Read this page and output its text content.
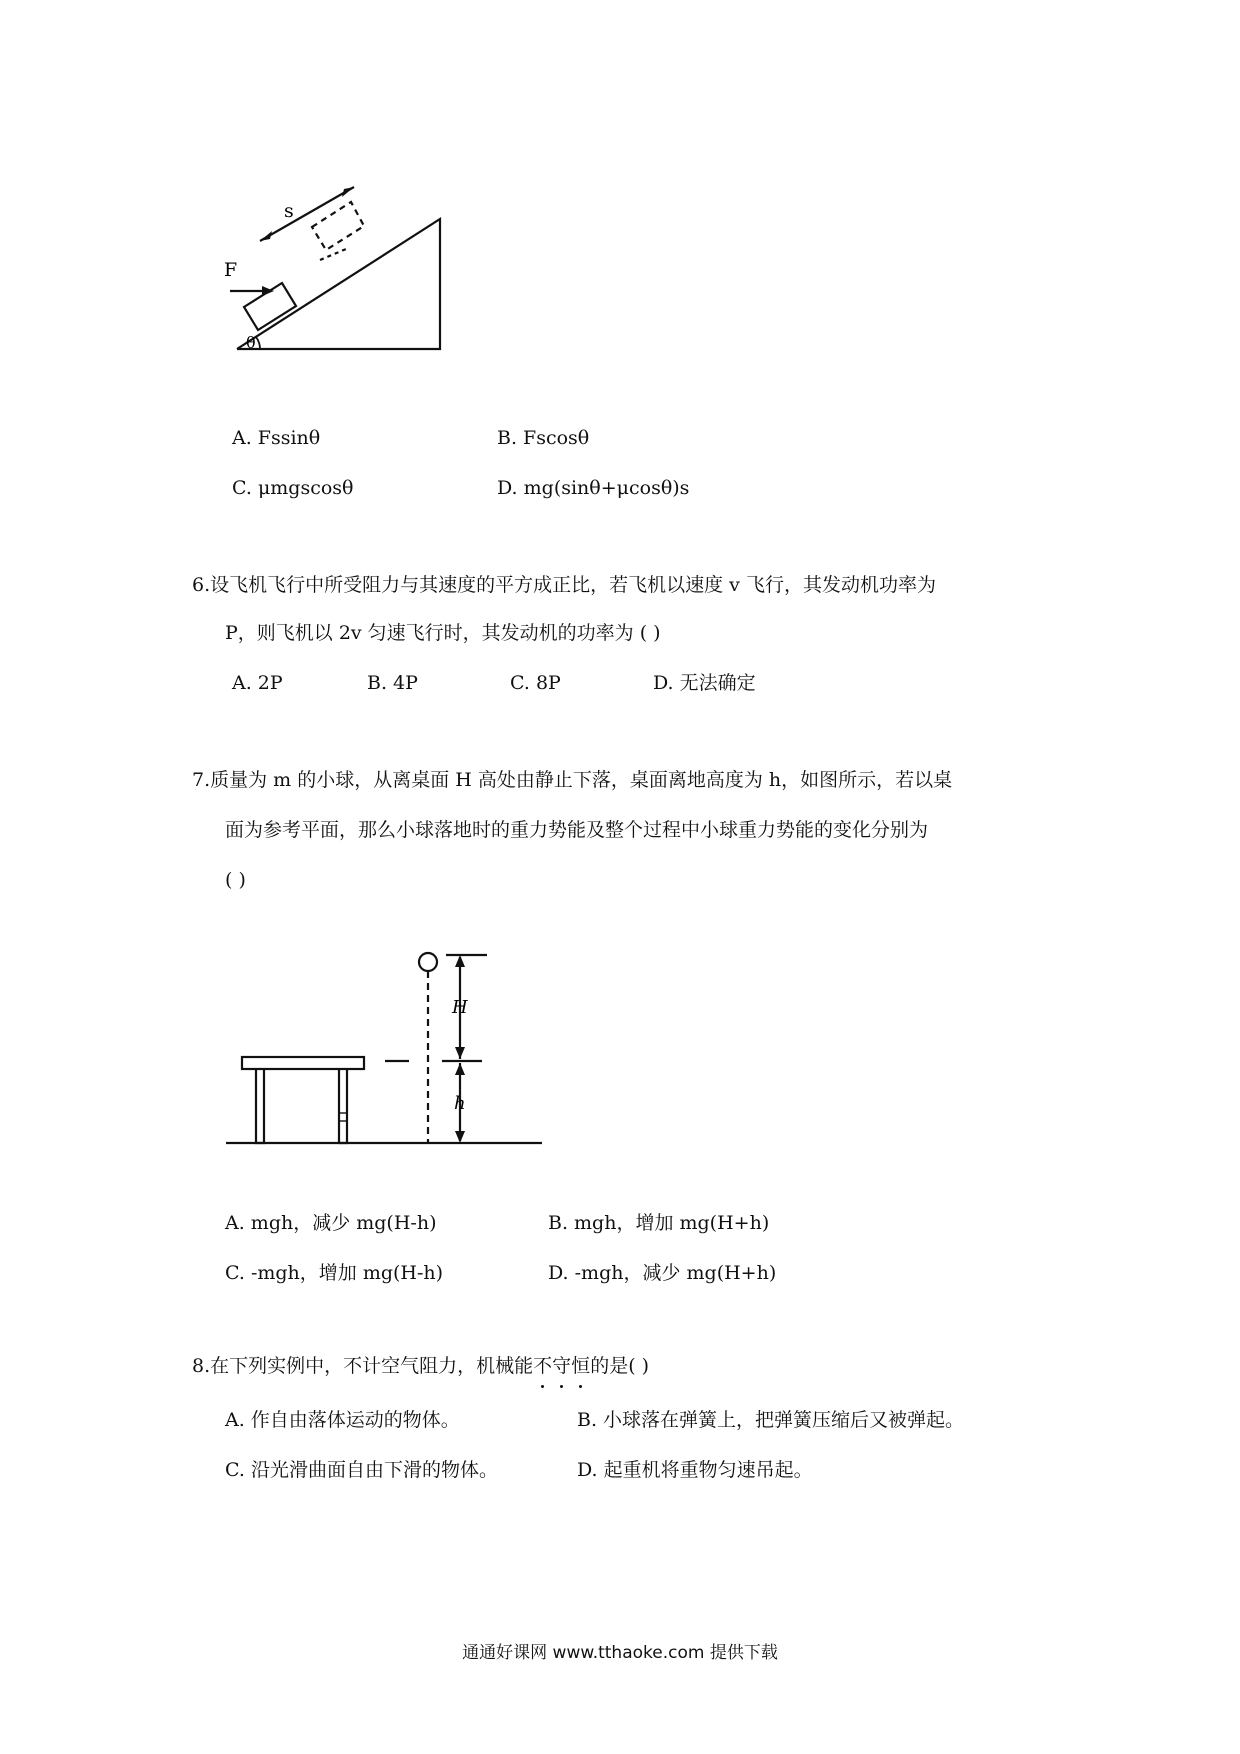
s
F
θ
A. Fssinθ	B. Fscosθ
C. μmgscosθ	D. mg(sinθ+μcosθ)s
6.设飞机飞行中所受阻力与其速度的平方成正比，若飞机以速度 v 飞行，其发动机功率为
P，则飞机以 2v 匀速飞行时，其发动机的功率为 ( )
A. 2P	B. 4P	C. 8P	D. 无法确定
7.质量为 m 的小球，从离桌面 H 高处由静止下落，桌面离地高度为 h，如图所示，若以桌
面为参考平面，那么小球落地时的重力势能及整个过程中小球重力势能的变化分别为
( )
H
h
A. mgh，减少 mg(H-h)	B. mgh，增加 mg(H+h)
C. -mgh，增加 mg(H-h)	D. -mgh，减少 mg(H+h)
8.在下列实例中，不计空气阻力，机械能不守恒的是( )
A. 作自由落体运动的物体。	B. 小球落在弹簧上，把弹簧压缩后又被弹起。
C. 沿光滑曲面自由下滑的物体。	D. 起重机将重物匀速吊起。
通通好课网 www.tthaoke.com 提供下载
